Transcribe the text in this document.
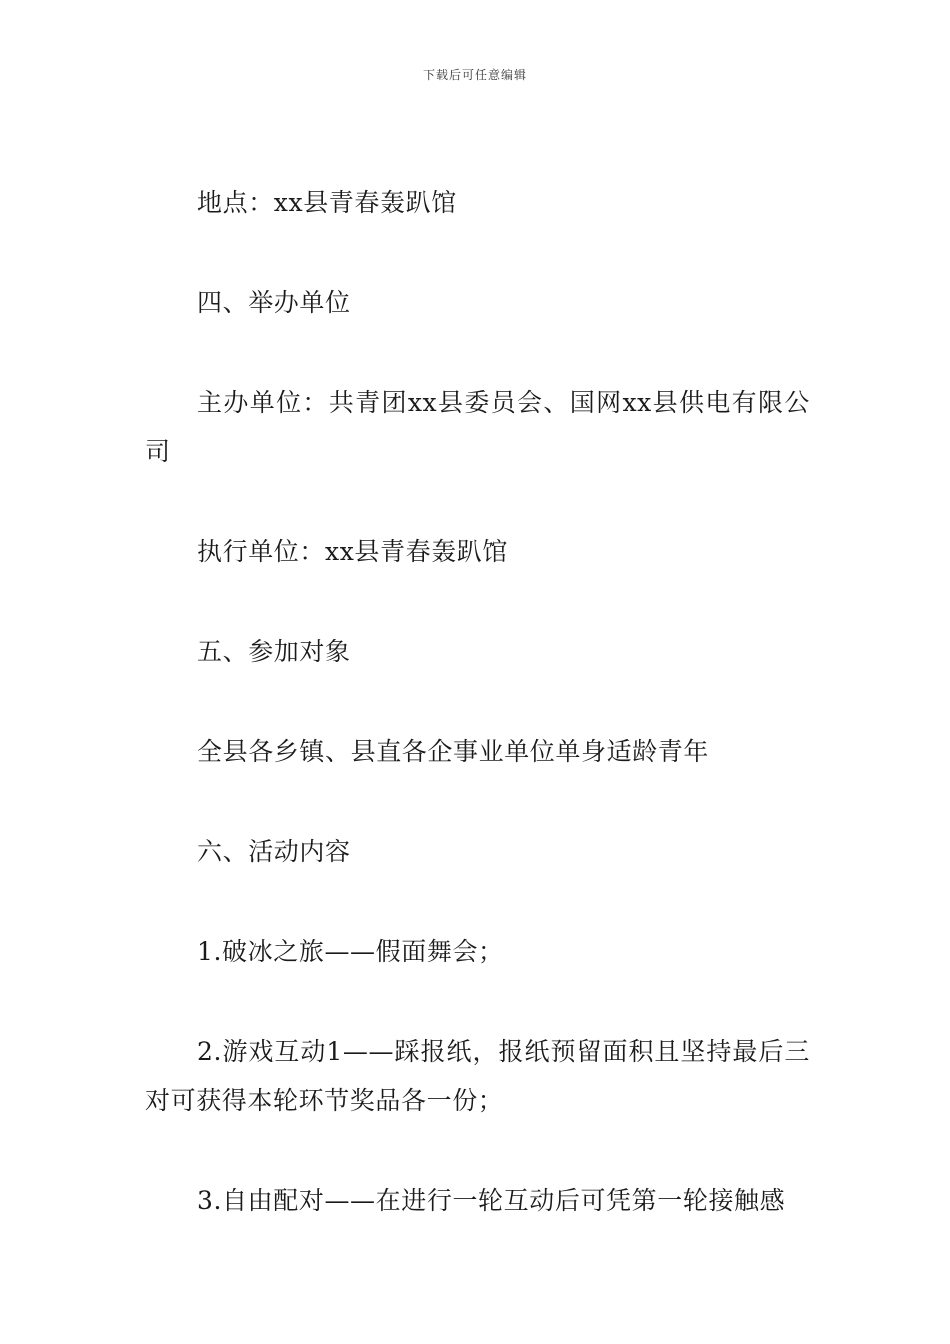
下载后可任意编辑

地点：xx县青春轰趴馆

四、举办单位

主办单位：共青团xx县委员会、国网xx县供电有限公司

执行单位：xx县青春轰趴馆

五、参加对象

全县各乡镇、县直各企事业单位单身适龄青年

六、活动内容

1.破冰之旅——假面舞会；

2.游戏互动1——踩报纸，报纸预留面积且坚持最后三对可获得本轮环节奖品各一份；

3.自由配对——在进行一轮互动后可凭第一轮接触感
